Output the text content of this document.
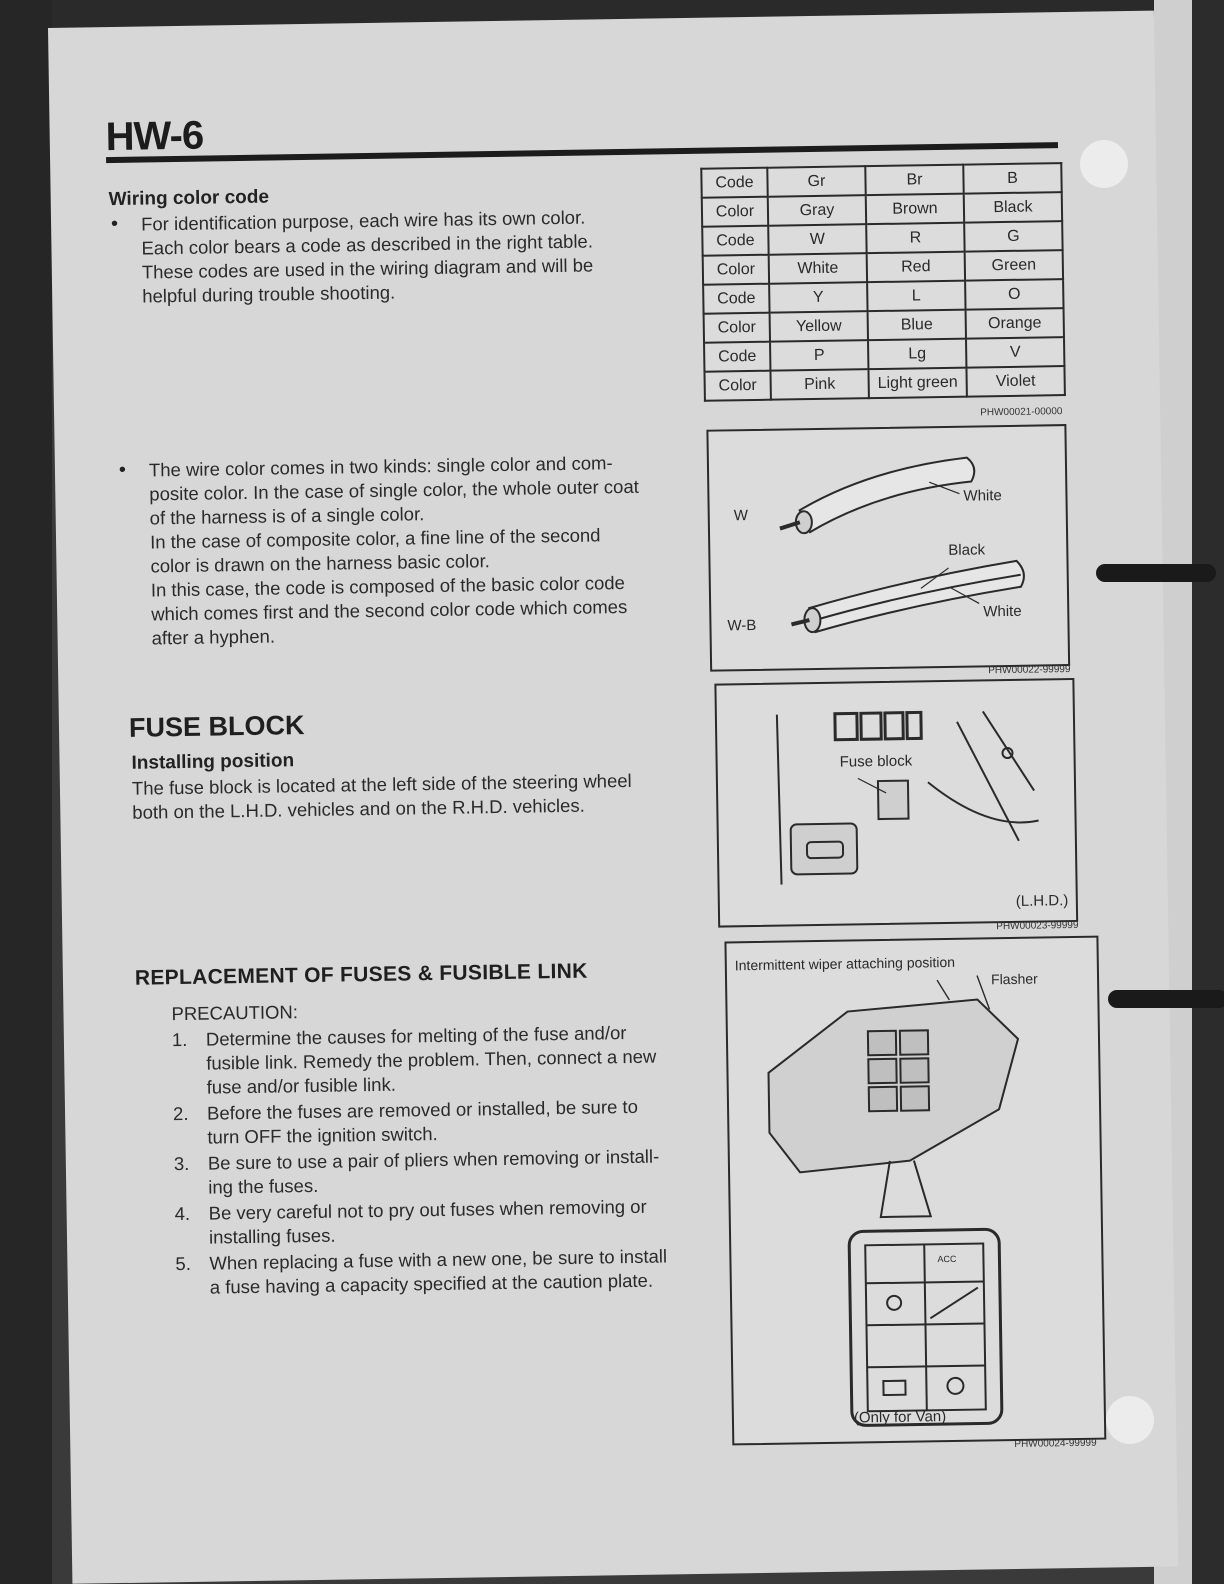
HW-6
Wiring color code
• For identification purpose, each wire has its own color.
Each color bears a code as described in the right table.
These codes are used in the wiring diagram and will be
helpful during trouble shooting.
• The wire color comes in two kinds: single color and com-
posite color. In the case of single color, the whole outer coat
of the harness is of a single color.
In the case of composite color, a fine line of the second
color is drawn on the harness basic color.
In this case, the code is composed of the basic color code
which comes first and the second color code which comes
after a hyphen.
Code	Gr	Br	B
Color	Gray	Brown	Black
Code	W	R	G
Color	White	Red	Green
Code	Y	L	O
Color	Yellow	Blue	Orange
Code	P	Lg	V
Color	Pink	Light green	Violet
PHW00021-00000
W
W-B
White
Black
White
PHW00022-99999
FUSE BLOCK
Installing position
The fuse block is located at the left side of the steering wheel
both on the L.H.D. vehicles and on the R.H.D. vehicles.
Fuse block
(L.H.D.)
PHW00023-99999
REPLACEMENT OF FUSES & FUSIBLE LINK
PRECAUTION:
1. Determine the causes for melting of the fuse and/or
fusible link. Remedy the problem. Then, connect a new
fuse and/or fusible link.
2. Before the fuses are removed or installed, be sure to
turn OFF the ignition switch.
3. Be sure to use a pair of pliers when removing or install-
ing the fuses.
4. Be very careful not to pry out fuses when removing or
installing fuses.
5. When replacing a fuse with a new one, be sure to install
a fuse having a capacity specified at the caution plate.
Intermittent wiper attaching position
Flasher
ACC
(Only for Van)
PHW00024-99999
